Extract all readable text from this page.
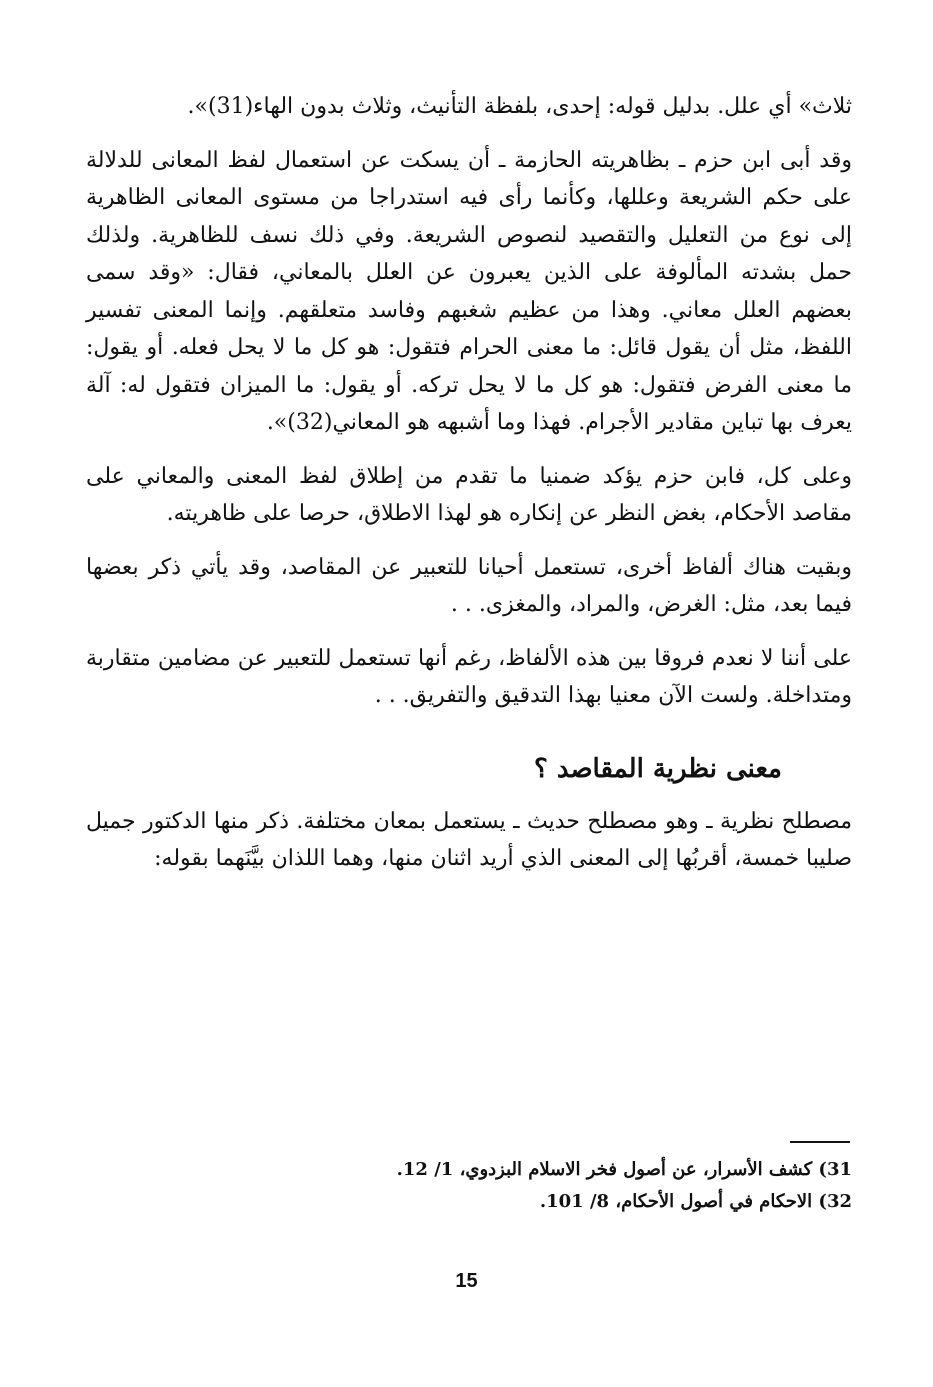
ثلاث» أي علل. بدليل قوله: إحدى، بلفظة التأنيث، وثلاث بدون الهاء(31)».

وقد أبى ابن حزم ـ بظاهريته الحازمة ـ أن يسكت عن استعمال لفظ المعانى للدلالة على حكم الشريعة وعللها، وكأنما رأى فيه استدراجا من مستوى المعانى الظاهرية إلى نوع من التعليل والتقصيد لنصوص الشريعة. وفي ذلك نسف للظاهرية. ولذلك حمل بشدته المألوفة على الذين يعبرون عن العلل بالمعاني، فقال: «وقد سمى بعضهم العلل معاني. وهذا من عظيم شغبهم وفاسد متعلقهم. وإنما المعنى تفسير اللفظ، مثل أن يقول قائل: ما معنى الحرام فتقول: هو كل ما لا يحل فعله. أو يقول: ما معنى الفرض فتقول: هو كل ما لا يحل تركه. أو يقول: ما الميزان فتقول له: آلة يعرف بها تباين مقادير الأجرام. فهذا وما أشبهه هو المعاني(32)».

وعلى كل، فابن حزم يؤكد ضمنيا ما تقدم من إطلاق لفظ المعنى والمعاني على مقاصد الأحكام، بغض النظر عن إنكاره هو لهذا الاطلاق، حرصا على ظاهريته.

وبقيت هناك ألفاظ أخرى، تستعمل أحيانا للتعبير عن المقاصد، وقد يأتي ذكر بعضها فيما بعد، مثل: الغرض، والمراد، والمغزى. . .

على أننا لا نعدم فروقا بين هذه الألفاظ، رغم أنها تستعمل للتعبير عن مضامين متقاربة ومتداخلة. ولست الآن معنيا بهذا التدقيق والتفريق. . .

معنى نظرية المقاصد ؟

مصطلح نظرية ـ وهو مصطلح حديث ـ يستعمل بمعان مختلفة. ذكر منها الدكتور جميل صليبا خمسة، أقربُها إلى المعنى الذي أريد اثنان منها، وهما اللذان بيَّنَهما بقوله:

31) كشف الأسرار، عن أصول فخر الاسلام البزدوي، 1/ 12.
32) الاحكام في أصول الأحكام، 8/ 101.
15
